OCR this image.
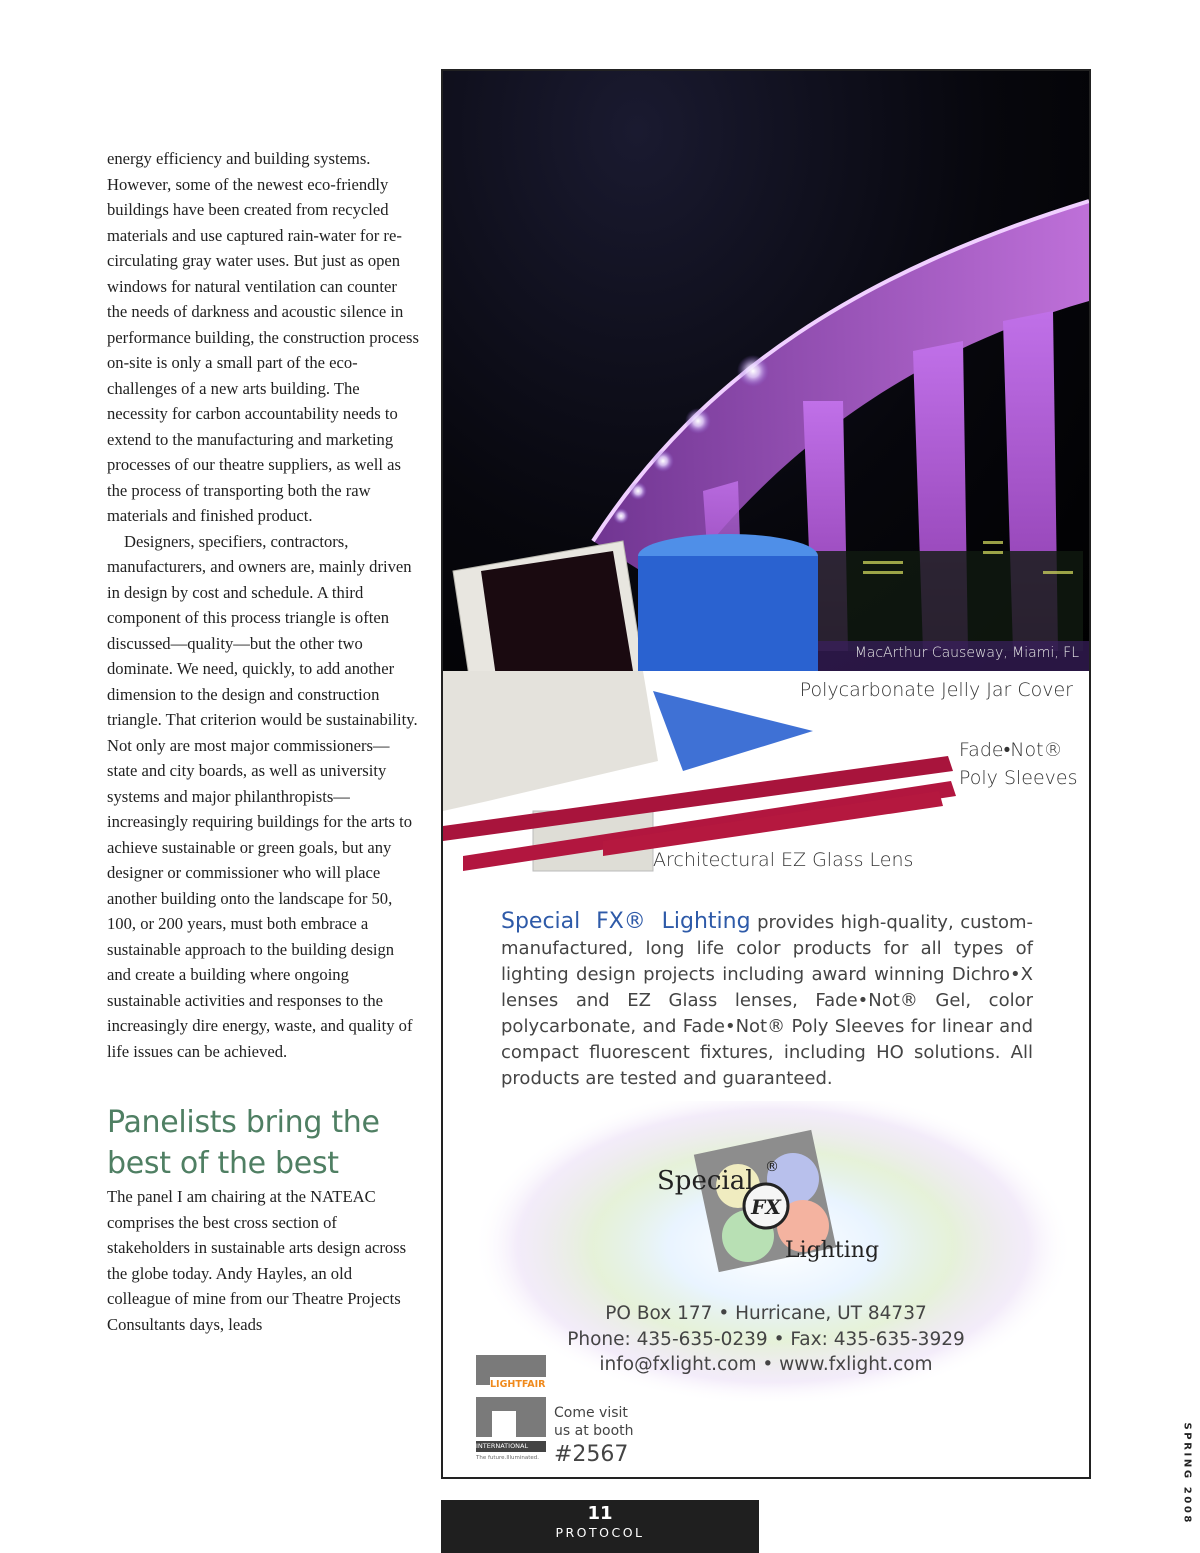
energy efficiency and building systems. However, some of the newest eco-friendly buildings have been created from recycled materials and use captured rain-water for re-circulating gray water uses. But just as open windows for natural ventilation can counter the needs of darkness and acoustic silence in performance building, the construction process on-site is only a small part of the eco-challenges of a new arts building. The necessity for carbon accountability needs to extend to the manufacturing and marketing processes of our theatre suppliers, as well as the process of transporting both the raw materials and finished product.

Designers, specifiers, contractors, manufacturers, and owners are, mainly driven in design by cost and schedule. A third component of this process triangle is often discussed—quality—but the other two dominate. We need, quickly, to add another dimension to the design and construction triangle. That criterion would be sustainability. Not only are most major commissioners—state and city boards, as well as university systems and major philanthropists—increasingly requiring buildings for the arts to achieve sustainable or green goals, but any designer or commissioner who will place another building onto the landscape for 50, 100, or 200 years, must both embrace a sustainable approach to the building design and create a building where ongoing sustainable activities and responses to the increasingly dire energy, waste, and quality of life issues can be achieved.

Panelists bring the
best of the best

The panel I am chairing at the NATEAC comprises the best cross section of stakeholders in sustainable arts design across the globe today. Andy Hayles, an old colleague of mine from our Theatre Projects Consultants days, leads

MacArthur Causeway, Miami, FL
Polycarbonate Jelly Jar Cover
Fade•Not®
Poly Sleeves
Architectural EZ Glass Lens
Special FX® Lighting provides high-quality, custom-manufactured, long life color products for all types of lighting design projects including award winning Dichro•X lenses and EZ Glass lenses, Fade•Not® Gel, color polycarbonate, and Fade•Not® Poly Sleeves for linear and compact fluorescent fixtures, including HO solutions. All products are tested and guaranteed.
FX
Special
Lighting
®
PO Box 177 • Hurricane, UT 84737
Phone: 435-635-0239 • Fax: 435-635-3929
info@fxlight.com • www.fxlight.com
LIGHTFAIR
INTERNATIONAL
The future.Illuminated.
Come visit
us at booth
#2567
11
PROTOCOL
SPRING 2008
